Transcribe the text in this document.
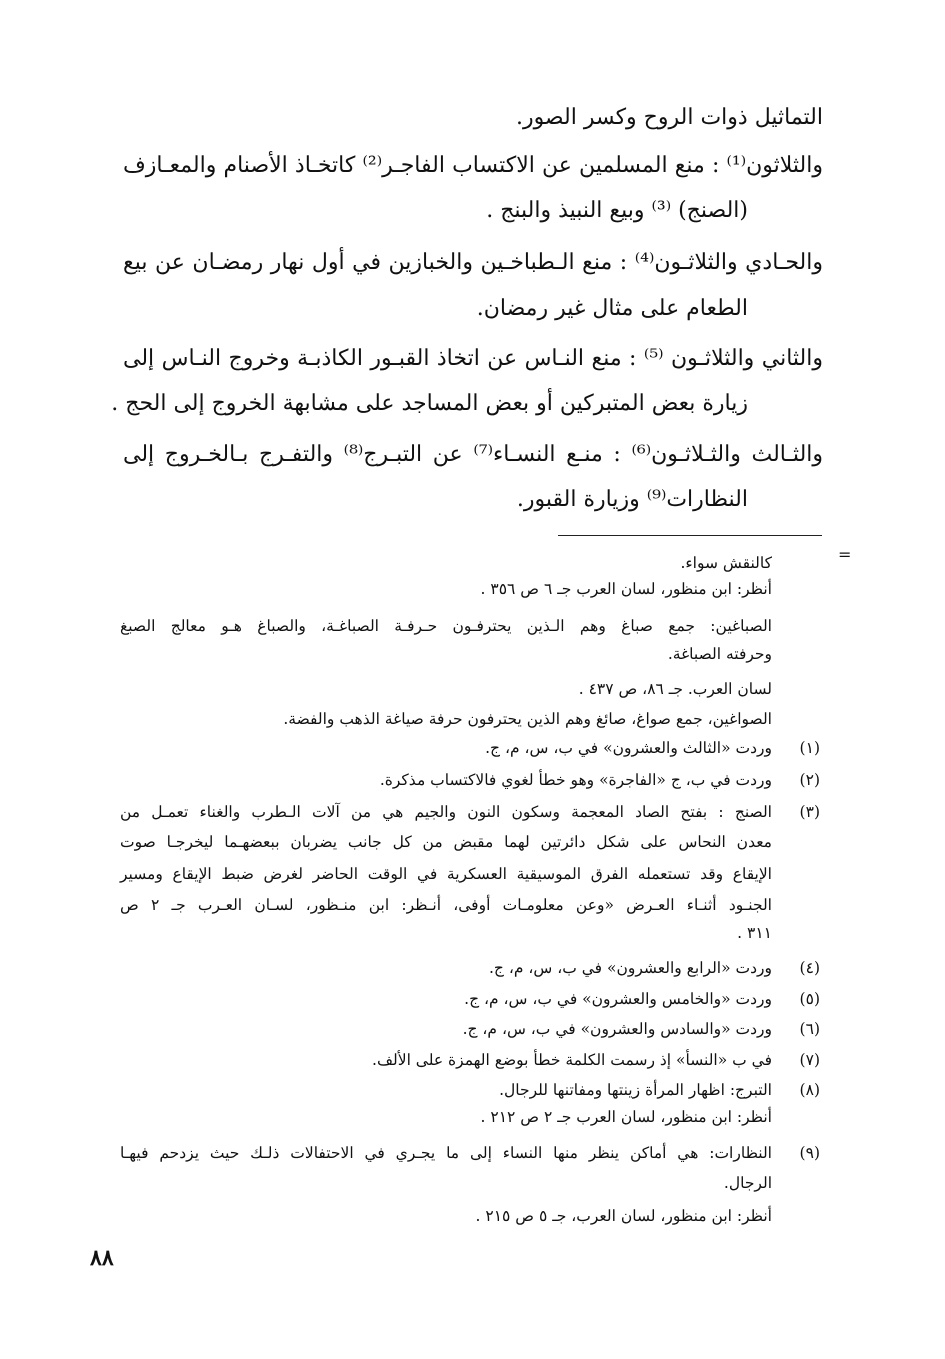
التماثيل ذوات الروح وكسر الصور.
والثلاثون⁽¹⁾ : منع المسلمين عن الاكتساب الفاجـر⁽²⁾ كاتخـاذ الأصنام والمعـازف
(الصنج) ⁽³⁾ وبيع النبيذ والبنج .
والحـادي والثلاثـون⁽⁴⁾ : منع الـطباخـين والخبازين في أول نهار رمضـان عن بيع
الطعام على مثال غير رمضان.
والثاني والثلاثـون ⁽⁵⁾ : منع النـاس عن اتخاذ القبـور الكاذبـة وخروج النـاس إلى
زيارة بعض المتبركين أو بعض المساجد على مشابهة الخروج إلى الحج .
والثـالث والثـلاثـون⁽⁶⁾ : منـع النسـاء⁽⁷⁾ عن التبـرج⁽⁸⁾ والتفـرج بـالخـروج إلى
النظارات⁽⁹⁾ وزيارة القبور.
=
كالنقش سواء.
أنظر: ابن منظور، لسان العرب جـ ٦ ص ٣٥٦ .
الصباغين: جمع صباغ وهم الـذين يحترفـون حـرفـة الصباغـة، والصباغ هـو معالج الصبغ
وحرفته الصباغة.
لسان العرب. جـ ٨٦، ص ٤٣٧ .
الصواغين، جمع صواغ، صائغ وهم الذين يحترفون حرفة صياغة الذهب والفضة.
(١)
وردت «الثالث والعشرون» في ب، س، م، ج.
(٢)
وردت في ب، ج «الفاجرة» وهو خطأ لغوي فالاكتساب مذكرة.
(٣)
الصنج : بفتح الصاد المعجمة وسكون النون والجيم هي من آلات الـطرب والغناء تعمـل من
معدن النحاس على شكل دائرتين لهما مقبض من كل جانب يضربان ببعضهـما ليخرجـا صوت
الإيقاع وقد تستعمله الفرق الموسيقية العسكرية في الوقت الحاضر لغرض ضبط الإيقاع ومسير
الجنـود أثنـاء العـرض «وعن معلومـات أوفى، أنـظر: ابن منـظور، لسـان العـرب جـ ٢ ص
٣١١ .
(٤)
وردت «الرابع والعشرون» في ب، س، م، ج.
(٥)
وردت «والخامس والعشرون» في ب، س، م، ج.
(٦)
وردت «والسادس والعشرون» في ب، س، م، ج.
(٧)
في ب «النسأ» إذ رسمت الكلمة خطأ بوضع الهمزة على الألف.
(٨)
التبرج: اظهار المرأة زينتها ومفاتنها للرجال.
أنظر: ابن منظور، لسان العرب جـ ٢ ص ٢١٢ .
(٩)
النظارات: هي أماكن ينظر منها النساء إلى ما يجـري في الاحتفالات ذلـك حيث يزدحم فيهـا
الرجال.
أنظر: ابن منظور، لسان العرب، جـ ٥ ص ٢١٥ .
٨٨
